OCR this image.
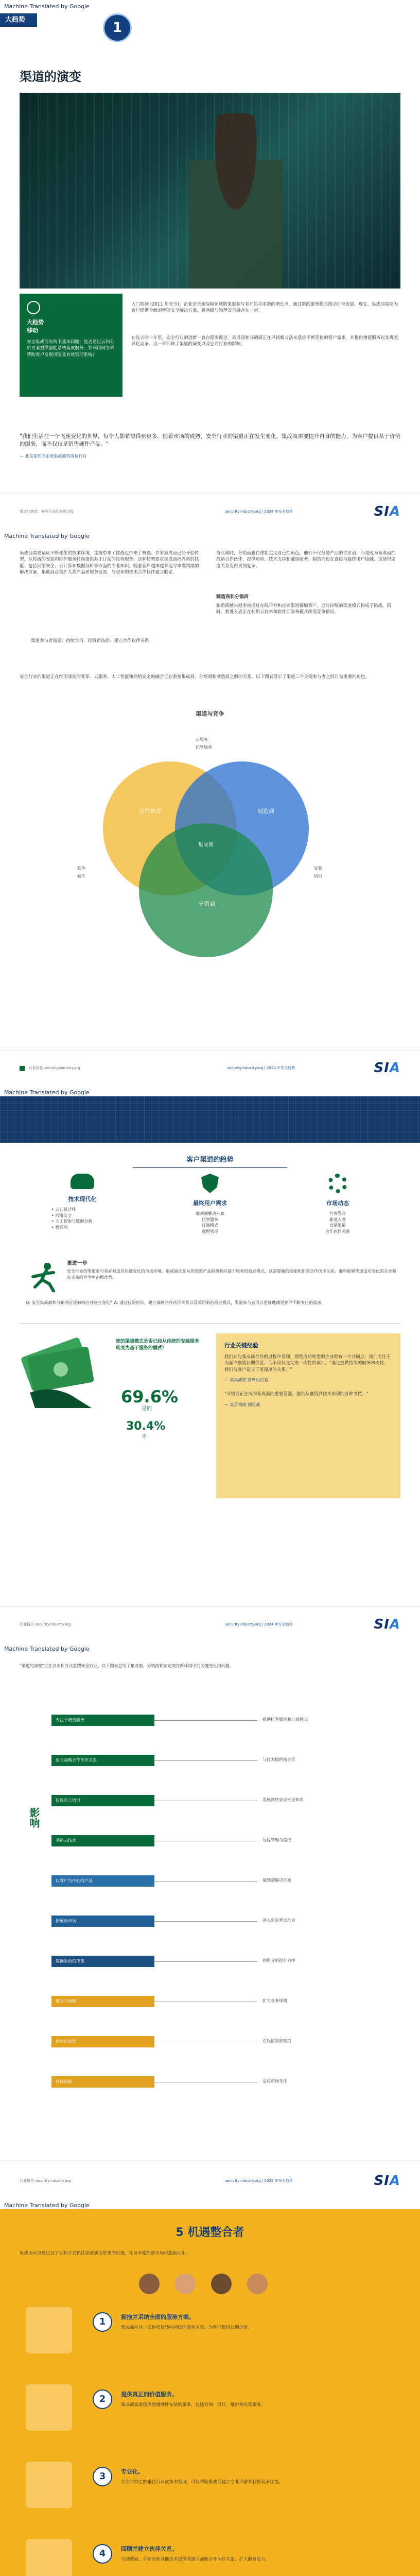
Machine Translated by Google
大趋势
1
渠道的演变
大趋势
移动
安全集成商有两个基本问题：能否通过云和分析方案提供智能系统集成服务，并利用网络来帮助客户发现风险及有效管理系统？
入门视频 (2011 年至今)、企业安全和保障领域的渠道参与者开始寻求新的增长点，通过新的服务模式推动自身发展。现在，集成商需要为客户提供全面的智能安全解决方案，将网络与物理安全融合在一起。
在过去的十年里，安全行业的创新一直在稳步推进。集成商和分销商正在寻找新方法来适应不断变化的客户需求，并提供增值服务以实现差异化竞争。这一章回顾了渠道的演变以及它对行业的影响。
"我们生活在一个飞速变化的世界，每个人都希望得到更多。随着市场的成熟，安全行业的渠道正在发生变化。集成商需要提升自身的能力，为客户提供基于价值的服务，而不仅仅是销售硬件产品。"
— 北美某知名系统集成商首席执行官
渠道的演变：安全行业的发展历程	securityindustry.org | 2024 年安全趋势	SIA
Machine Translated by Google
集成商需要适应不断变化的技术环境，这既带来了挑战也带来了机遇。许多集成商已经开始转型，从传统的安装和维护服务转向提供基于订阅的托管服务。这种转型要求集成商培养新的技能，包括网络安全、云计算和数据分析等方面的专业知识。随着客户越来越多地寻求端到端的解决方案，集成商必须扩大其产品和服务范围，与更多的技术合作伙伴建立联系。
渠道参与者需要：持续学习、投资新技能、建立合作伙伴关系
与此同时，分销商也在重新定义自己的角色。他们不仅仅是产品的供应商，而是成为集成商的战略合作伙伴，提供培训、技术支持和融资服务。制造商也在直接与最终用户接触，这使得渠道关系变得更加复杂。
制造商和分销商
制造商越来越多地通过在线平台和直销渠道接触客户，这对传统的渠道模式构成了挑战。同时，新进入者正在利用云技术和软件即服务模式改变竞争格局。
安全行业的渠道正在经历深刻的变革。云服务、人工智能和网络安全的融合正在重塑集成商、分销商和制造商之间的关系。以下图表显示了渠道三个关键参与者之间日益重叠的角色。
渠道与竞争
合作伙伴	制造商
分销商
集成商
云服务
托管服务
软件
硬件
安装
培训
行业报告 securityindustry.org	securityindustry.org | 2024 年安全趋势	SIA
Machine Translated by Google
客户渠道的趋势
技术现代化
• 云计算迁移
• 网络安全
• 人工智能与数据分析
• 物联网
最终用户需求
端到端解决方案
托管服务
订阅模式
远程管理
市场动态
行业整合
新进入者
直销渠道
合作伙伴关系
更进一步
安全行业的渠道参与者必须适应快速变化的市场环境。集成商正在从传统的产品销售转向基于服务的商业模式，这需要新的技能和新的合作伙伴关系。那些能够快速适应变化的企业将在未来的竞争中占据优势。
Q: 安全集成商和分销商应该如何应对这些变化？A: 通过投资培训、建立战略合作伙伴关系以及采用新的商业模式，渠道参与者可以更好地满足客户不断变化的需求。
您的渠道模式是否已经从传统的安装服务转变为基于服务的模式？
69.6%
是的
30.4%
不
行业关键经验
我们在与集成商合作的过程中发现，那些成功转型的企业都有一个共同点：他们专注于为客户创造长期价值，而不仅仅是完成一次性的项目。"通过提供持续的服务和支持，我们与客户建立了更深厚的关系。"
— 某集成商 首席执行官
"分销商正在成为集成商的重要资源，提供从融资到技术培训的各种支持。"
— 某分销商 副总裁
行业报告 securityindustry.org	securityindustry.org | 2024 年安全趋势	SIA
Machine Translated by Google
"渠道的演变"正在以多种方式重塑安全行业。以下图表总结了集成商、分销商和制造商在新环境中的关键变化和机遇。
影响
专注于增值服务	提供托管服务和订阅模式
建立战略合作伙伴关系	与技术提供商合作
投资员工培训	发展网络安全专业知识
采用云技术	远程管理与监控
以客户为中心的产品	端到端解决方案
拓展新市场	进入新的垂直行业
数据驱动的决策	利用分析提升效率
整合与收购	扩大业务规模
数字化转型	在线销售和营销
持续创新	适应市场变化
行业报告 securityindustry.org	securityindustry.org | 2024 年安全趋势	SIA
Machine Translated by Google
5 机遇整合者
集成商可以通过以下五种方式抓住渠道演变带来的机遇，在竞争激烈的市场中脱颖而出。
1	拥抱并采纳全面的服务方案。
集成商应从一次性项目转向持续的服务关系，为客户提供长期价值。
2	提供真正的价值服务。
集成商需要提供超越硬件安装的服务，包括咨询、设计、维护和托管服务。
3	专业化。
专注于特定的垂直行业或技术领域，可以帮助集成商建立专业声誉并获得竞争优势。
4	回顾并建立伙伴关系。
与制造商、分销商和其他技术提供商建立战略合作伙伴关系，扩大服务能力。
